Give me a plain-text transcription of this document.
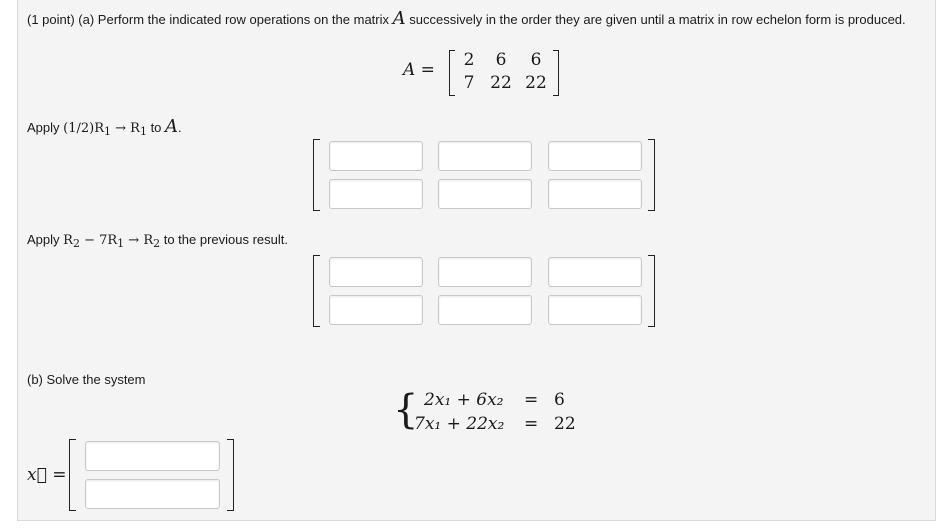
(1 point) (a) Perform the indicated row operations on the matrix A successively in the order they are given until a matrix in row echelon form is produced.
A =	2	6	6
7 22 22
Apply $(1/2)R_1 \to R_1$ to A.
Apply $R_2 - 7R_1 \to R_2$ to the previous result.
(b) Solve the system
{ 2x₁ + 6x₂ = 6
7x₁ + 22x₂ = 22
x⃗ =
